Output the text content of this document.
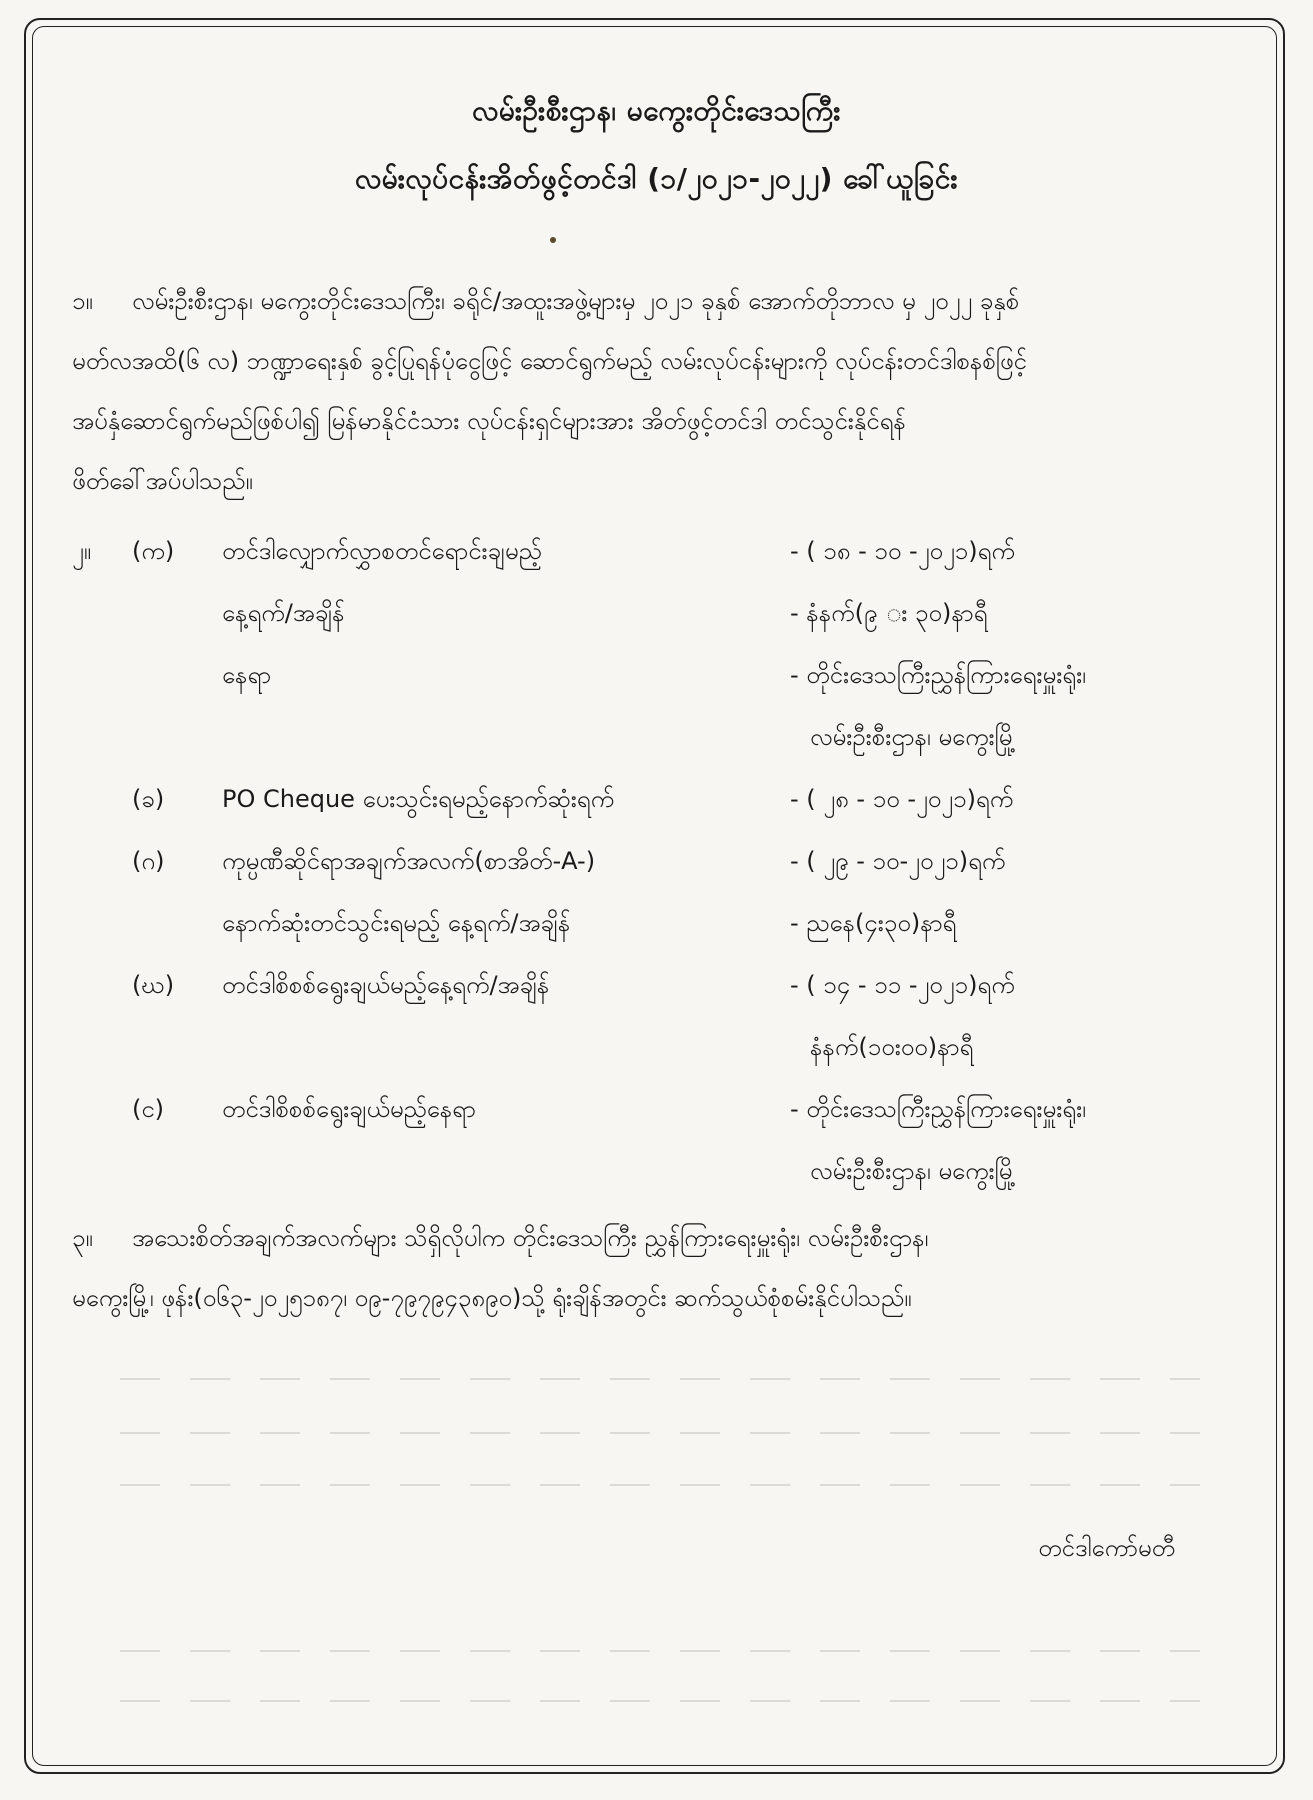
လမ်းဦးစီးဌာန၊ မကွေးတိုင်းဒေသကြီး
လမ်းလုပ်ငန်းအိတ်ဖွင့်တင်ဒါ (၁/၂၀၂၁-၂၀၂၂) ခေါ်ယူခြင်း
၁။ လမ်းဦးစီးဌာန၊ မကွေးတိုင်းဒေသကြီး၊ ခရိုင်/အထူးအဖွဲ့များမှ ၂၀၂၁ ခုနှစ် အောက်တိုဘာလ မှ ၂၀၂၂ ခုနှစ်
မတ်လအထိ(၆ လ) ဘဏ္ဍာရေးနှစ် ခွင့်ပြုရန်ပုံငွေဖြင့် ဆောင်ရွက်မည့် လမ်းလုပ်ငန်းများကို လုပ်ငန်းတင်ဒါစနစ်ဖြင့်
အပ်နှံဆောင်ရွက်မည်ဖြစ်ပါ၍ မြန်မာနိုင်ငံသား လုပ်ငန်းရှင်များအား အိတ်ဖွင့်တင်ဒါ တင်သွင်းနိုင်ရန်
ဖိတ်ခေါ်အပ်ပါသည်။
၂။ (က) တင်ဒါလျှောက်လွှာစတင်ရောင်းချမည့်	- ( ၁၈ - ၁၀ -၂၀၂၁)ရက်
နေ့ရက်/အချိန်	- နံနက်(၉ း ၃၀)နာရီ
နေရာ	- တိုင်းဒေသကြီးညွှန်ကြားရေးမှူးရုံး၊
လမ်းဦးစီးဌာန၊ မကွေးမြို့
(ခ) PO Cheque ပေးသွင်းရမည့်နောက်ဆုံးရက်	- ( ၂၈ - ၁၀ -၂၀၂၁)ရက်
(ဂ) ကုမ္ပဏီဆိုင်ရာအချက်အလက်(စာအိတ်-A-)	- ( ၂၉ - ၁၀-၂၀၂၁)ရက်
နောက်ဆုံးတင်သွင်းရမည့် နေ့ရက်/အချိန်	- ညနေ(၄း၃၀)နာရီ
(ဃ) တင်ဒါစိစစ်ရွေးချယ်မည့်နေ့ရက်/အချိန်	- ( ၁၄ - ၁၁ -၂၀၂၁)ရက်
နံနက်(၁၀း၀၀)နာရီ
(င) တင်ဒါစိစစ်ရွေးချယ်မည့်နေရာ	- တိုင်းဒေသကြီးညွှန်ကြားရေးမှူးရုံး၊
လမ်းဦးစီးဌာန၊ မကွေးမြို့
၃။ အသေးစိတ်အချက်အလက်များ သိရှိလိုပါက တိုင်းဒေသကြီး ညွှန်ကြားရေးမှူးရုံး၊ လမ်းဦးစီးဌာန၊
မကွေးမြို့၊ ဖုန်း(၀၆၃-၂၀၂၅၁၈၇၊ ၀၉-၇၉၇၉၄၃၈၉၀)သို့ ရုံးချိန်အတွင်း ဆက်သွယ်စုံစမ်းနိုင်ပါသည်။
တင်ဒါကော်မတီ
